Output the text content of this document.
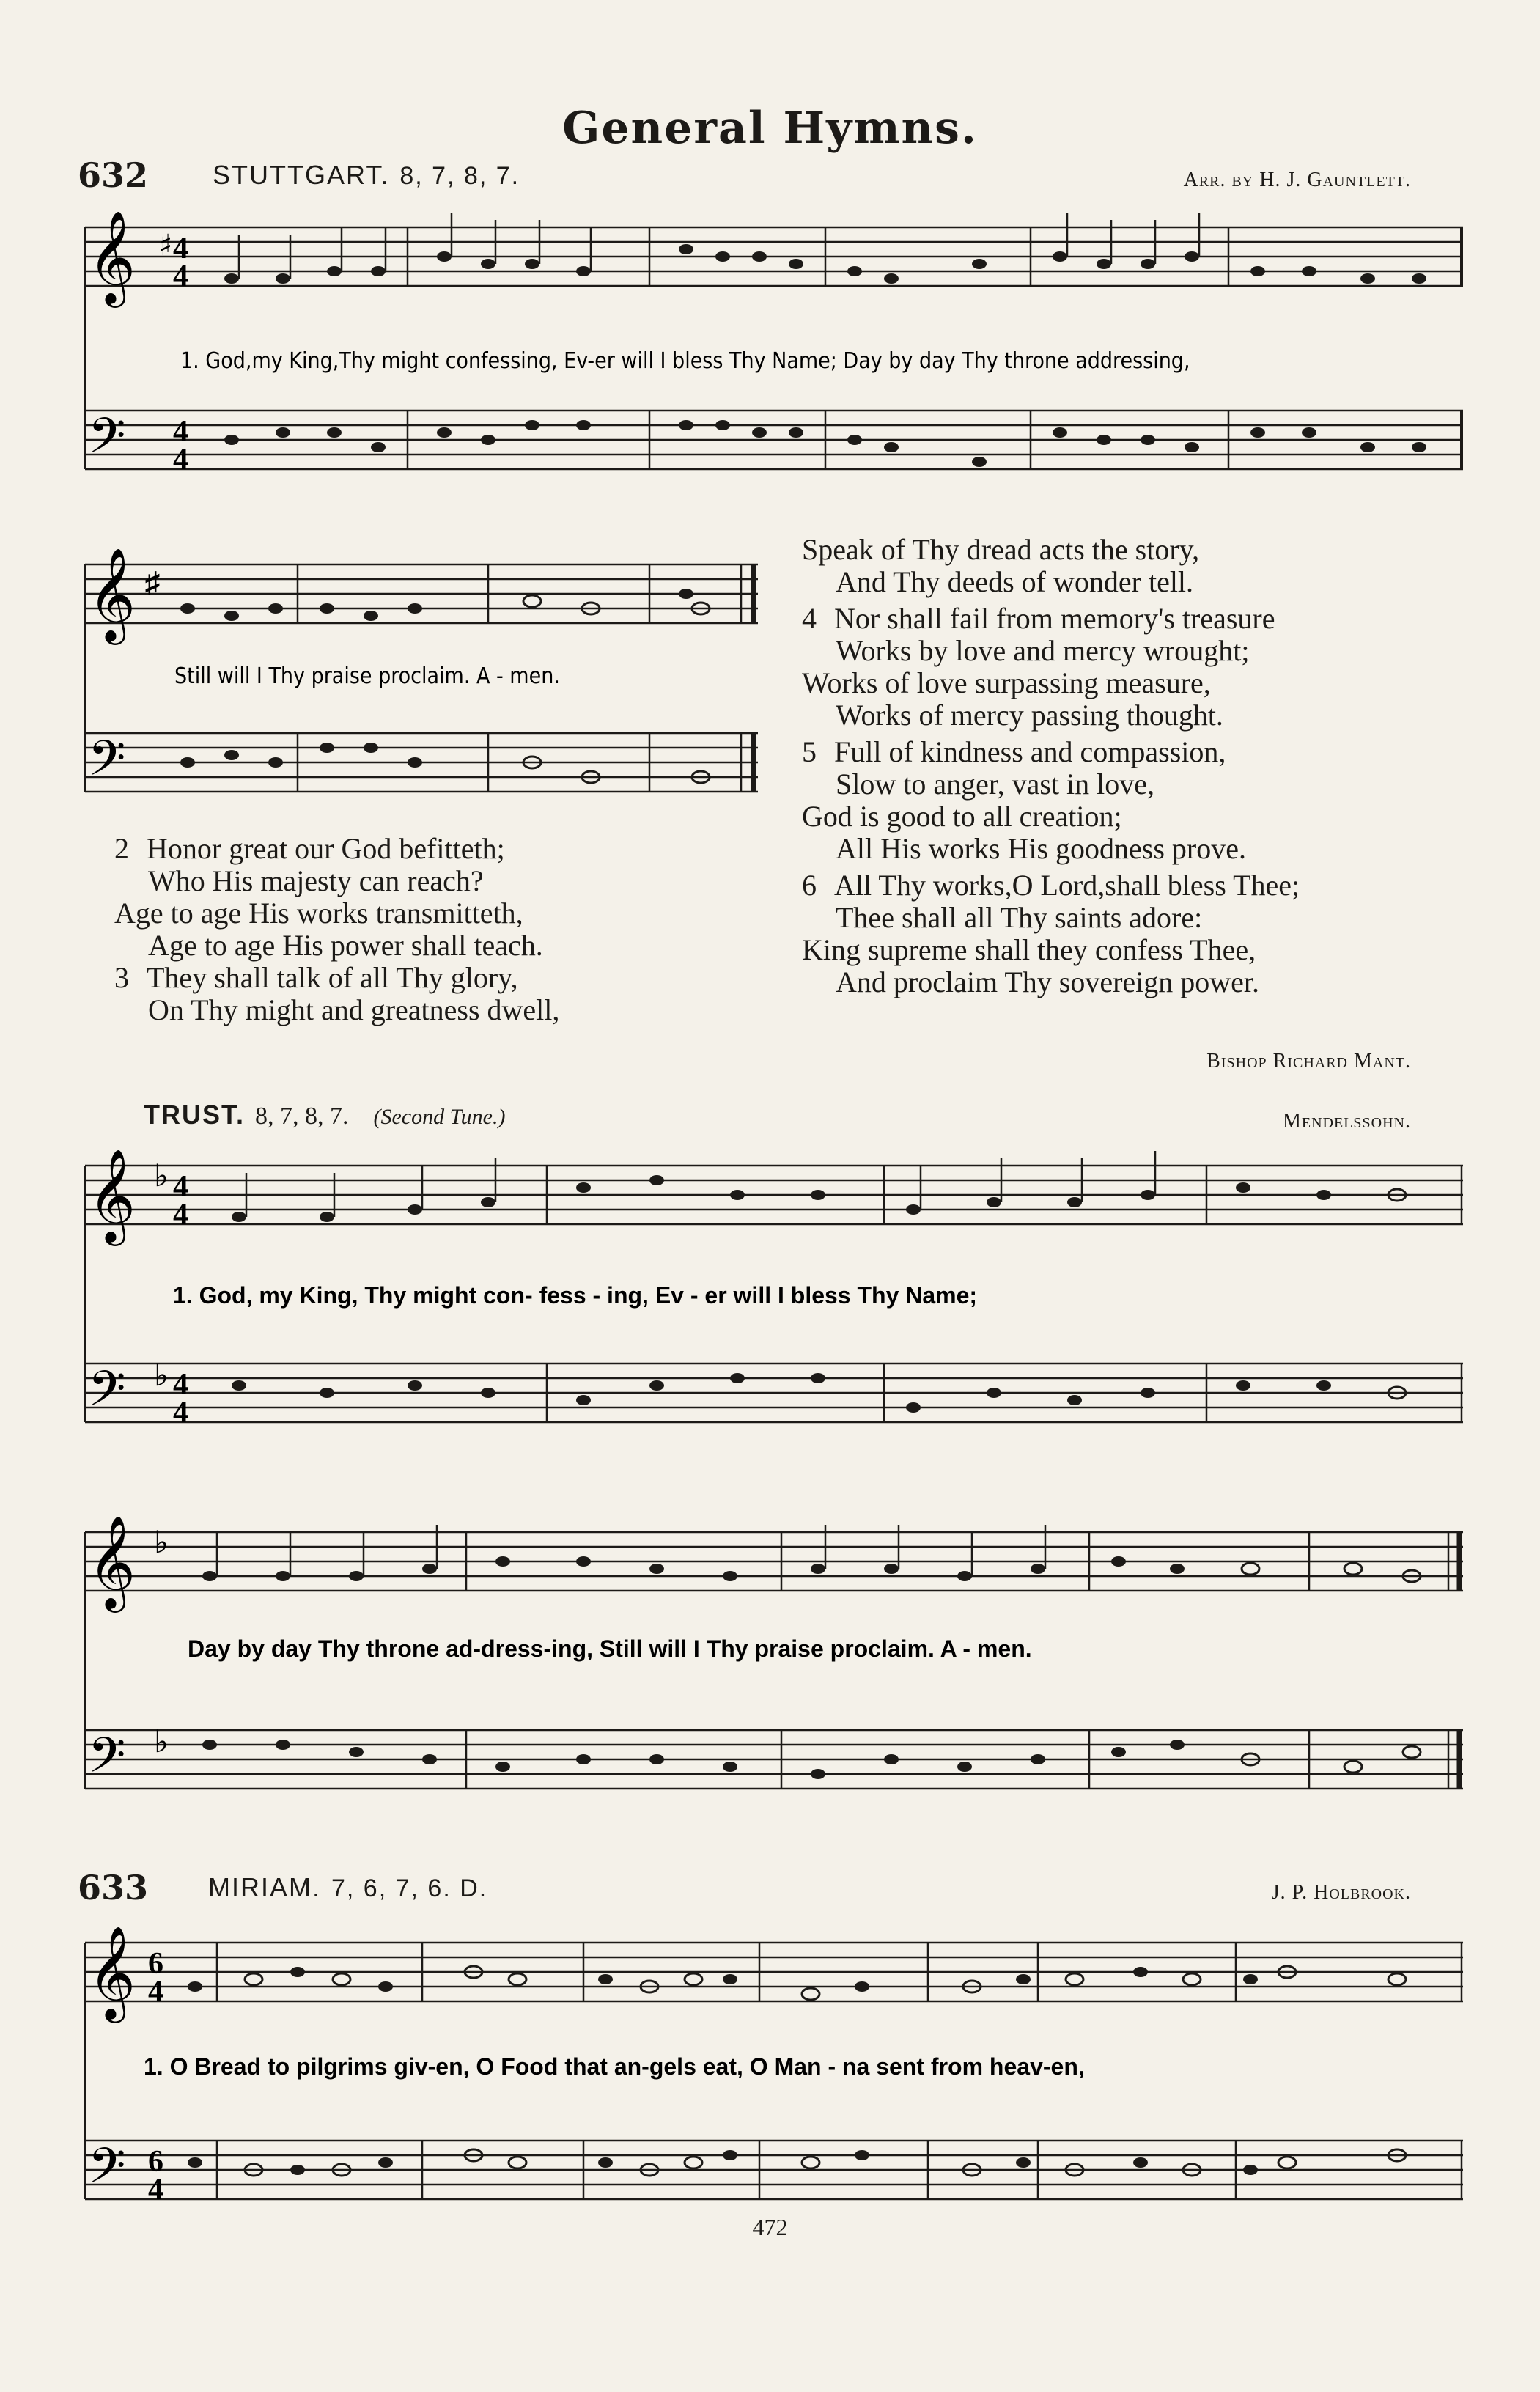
General Hymns.
632 STUTTGART. 8, 7, 8, 7.	Arr. by H. J. Gauntlett.
𝄞
𝄢
♯ 4
4
4
4
1. God,my King,Thy might confessing, Ev-er will I bless Thy Name; Day by day Thy throne addressing,
𝄞
𝄢
♯
Still will I Thy praise proclaim. A - men.
2 Honor great our God befitteth;
Who His majesty can reach?
Age to age His works transmitteth,
Age to age His power shall teach.
3 They shall talk of all Thy glory,
On Thy might and greatness dwell,
Speak of Thy dread acts the story,
And Thy deeds of wonder tell.
4 Nor shall fail from memory's treasure
Works by love and mercy wrought;
Works of love surpassing measure,
Works of mercy passing thought.
5 Full of kindness and compassion,
Slow to anger, vast in love,
God is good to all creation;
All His works His goodness prove.
6 All Thy works,O Lord,shall bless Thee;
Thee shall all Thy saints adore:
King supreme shall they confess Thee,
And proclaim Thy sovereign power.
Bishop Richard Mant.
TRUST. 8, 7, 8, 7. (Second Tune.)	Mendelssohn.
𝄞
𝄢
♭ 4
4
♭ 4
4
1. God, my King, Thy might con- fess - ing, Ev - er will I bless Thy Name;
𝄞
𝄢
♭
♭
Day by day Thy throne ad-dress-ing, Still will I Thy praise proclaim. A - men.
633 MIRIAM. 7, 6, 7, 6. D.	J. P. Holbrook.
𝄞
𝄢
6
4
6
4
1. O Bread to pilgrims giv-en, O Food that an-gels eat, O Man - na sent from heav-en,
472
